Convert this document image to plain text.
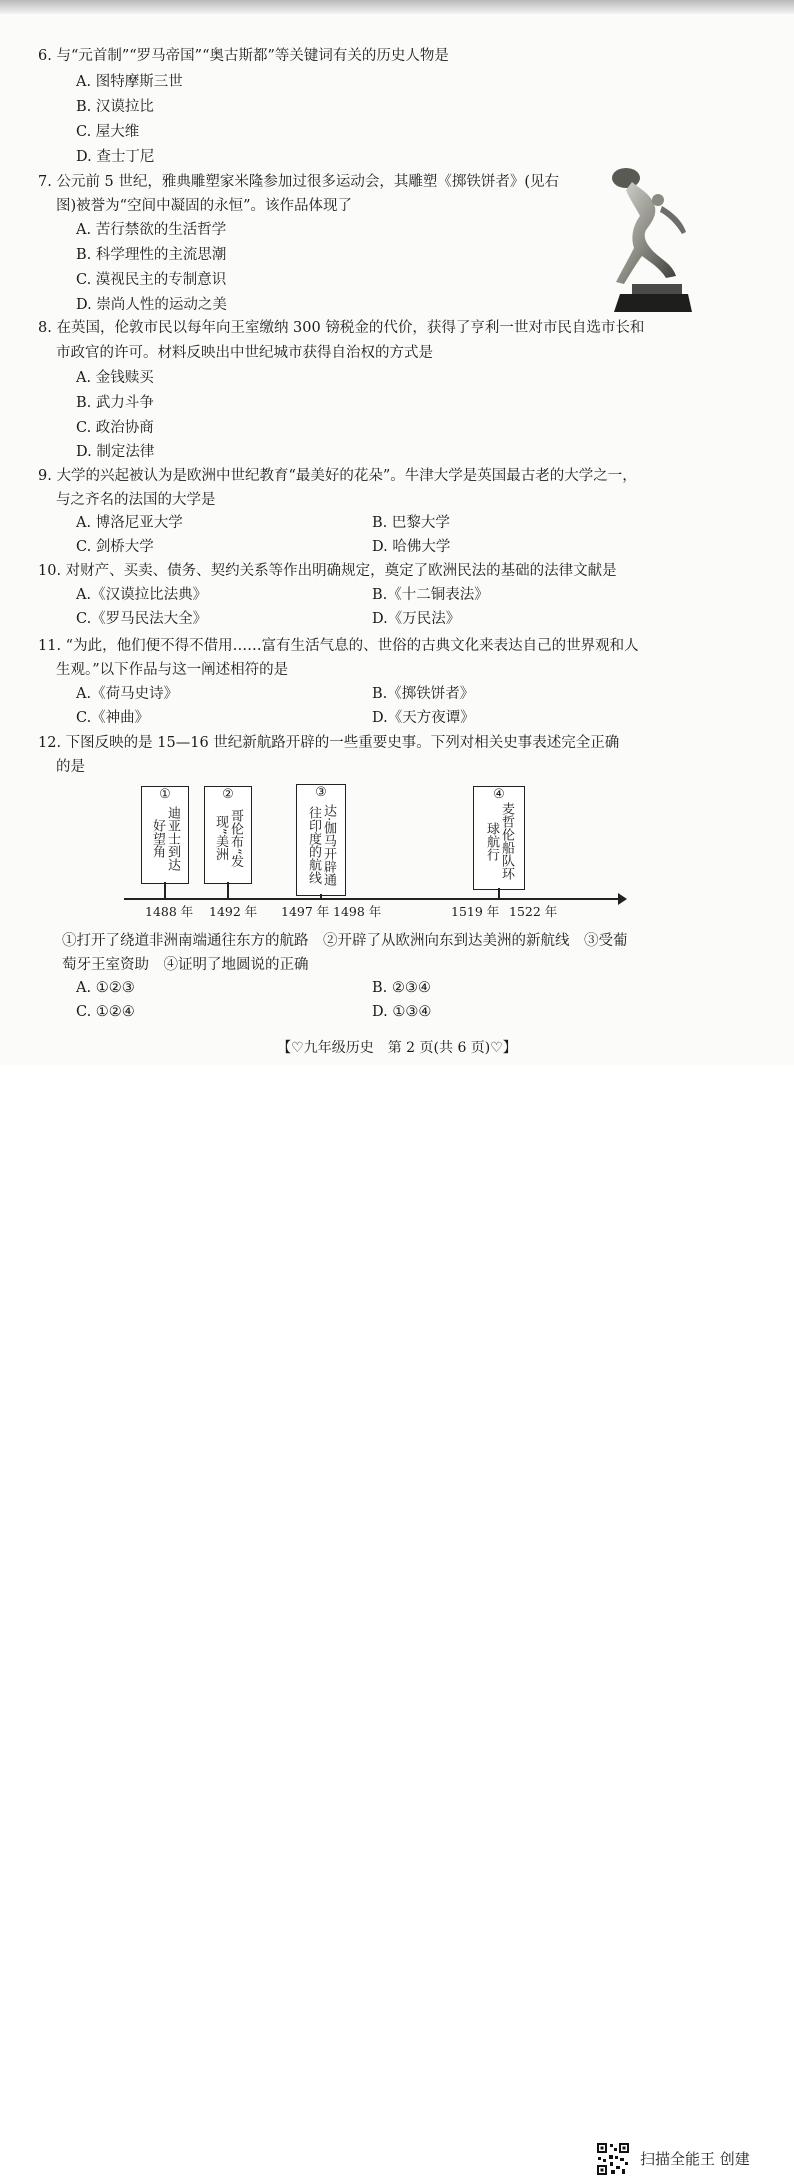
6. 与“元首制”“罗马帝国”“奥古斯都”等关键词有关的历史人物是
A. 图特摩斯三世
B. 汉谟拉比
C. 屋大维
D. 查士丁尼
7. 公元前 5 世纪，雅典雕塑家米隆参加过很多运动会，其雕塑《掷铁饼者》(见右
图)被誉为“空间中凝固的永恒”。该作品体现了
A. 苦行禁欲的生活哲学
B. 科学理性的主流思潮
C. 漠视民主的专制意识
D. 崇尚人性的运动之美
8. 在英国，伦敦市民以每年向王室缴纳 300 镑税金的代价，获得了亨利一世对市民自选市长和
市政官的许可。材料反映出中世纪城市获得自治权的方式是
A. 金钱赎买
B. 武力斗争
C. 政治协商
D. 制定法律
9. 大学的兴起被认为是欧洲中世纪教育“最美好的花朵”。牛津大学是英国最古老的大学之一，
与之齐名的法国的大学是
A. 博洛尼亚大学	B. 巴黎大学
C. 剑桥大学	D. 哈佛大学
10. 对财产、买卖、债务、契约关系等作出明确规定，奠定了欧洲民法的基础的法律文献是
A.《汉谟拉比法典》	B.《十二铜表法》
C.《罗马民法大全》	D.《万民法》
11. “为此，他们便不得不借用……富有生活气息的、世俗的古典文化来表达自己的世界观和人
生观。”以下作品与这一阐述相符的是
A.《荷马史诗》	B.《掷铁饼者》
C.《神曲》	D.《天方夜谭》
12. 下图反映的是 15—16 世纪新航路开辟的一些重要史事。下列对相关史事表述完全正确
的是
①
迪亚士到达好望角
②
哥伦布“发现”美洲
③
达·伽马开辟通往印度的航线
④
麦哲伦船队环球航行
1488 年 1492 年 1497 年 1498 年	1519 年 1522 年
①打开了绕道非洲南端通往东方的航路　②开辟了从欧洲向东到达美洲的新航线　③受葡
萄牙王室资助　④证明了地圆说的正确
A. ①②③	B. ②③④
C. ①②④	D. ①③④
【♡九年级历史　第 2 页(共 6 页)♡】
扫描全能王 创建
